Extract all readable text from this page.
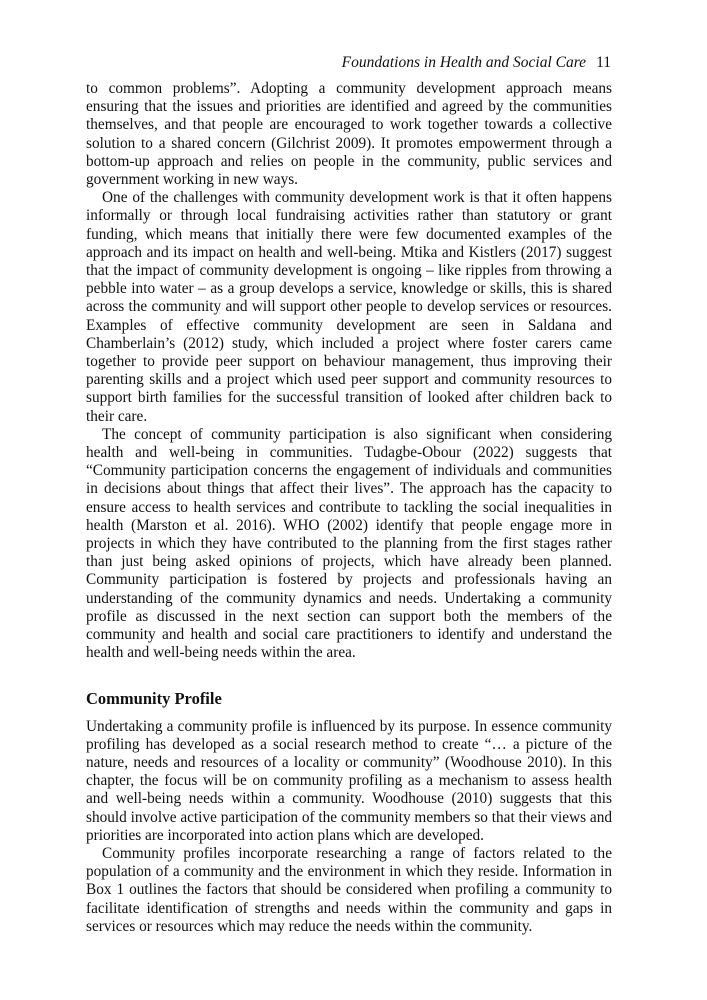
Foundations in Health and Social Care 11

to common problems”. Adopting a community development approach means ensuring that the issues and priorities are identified and agreed by the communities themselves, and that people are encouraged to work together towards a collective solution to a shared concern (Gilchrist 2009). It promotes empowerment through a bottom-up approach and relies on people in the community, public services and government working in new ways.

One of the challenges with community development work is that it often happens informally or through local fundraising activities rather than statutory or grant funding, which means that initially there were few documented examples of the approach and its impact on health and well-being. Mtika and Kistlers (2017) suggest that the impact of community development is ongoing – like ripples from throwing a pebble into water – as a group develops a service, knowledge or skills, this is shared across the community and will support other people to develop services or resources. Examples of effective community development are seen in Saldana and Chamberlain’s (2012) study, which included a project where foster carers came together to provide peer support on behaviour management, thus improving their parenting skills and a project which used peer support and community resources to support birth families for the successful transition of looked after children back to their care.

The concept of community participation is also significant when considering health and well-being in communities. Tudagbe-Obour (2022) suggests that “Community participation concerns the engagement of individuals and communities in decisions about things that affect their lives”. The approach has the capacity to ensure access to health services and contribute to tackling the social inequalities in health (Marston et al. 2016). WHO (2002) identify that people engage more in projects in which they have contributed to the planning from the first stages rather than just being asked opinions of projects, which have already been planned. Community participation is fostered by projects and professionals having an understanding of the community dynamics and needs. Undertaking a community profile as discussed in the next section can support both the members of the community and health and social care practitioners to identify and understand the health and well-being needs within the area.

Community Profile

Undertaking a community profile is influenced by its purpose. In essence community profiling has developed as a social research method to create “… a picture of the nature, needs and resources of a locality or community” (Woodhouse 2010). In this chapter, the focus will be on community profiling as a mechanism to assess health and well-being needs within a community. Woodhouse (2010) suggests that this should involve active participation of the community members so that their views and priorities are incorporated into action plans which are developed.

Community profiles incorporate researching a range of factors related to the population of a community and the environment in which they reside. Information in Box 1 outlines the factors that should be considered when profiling a community to facilitate identification of strengths and needs within the community and gaps in services or resources which may reduce the needs within the community.
